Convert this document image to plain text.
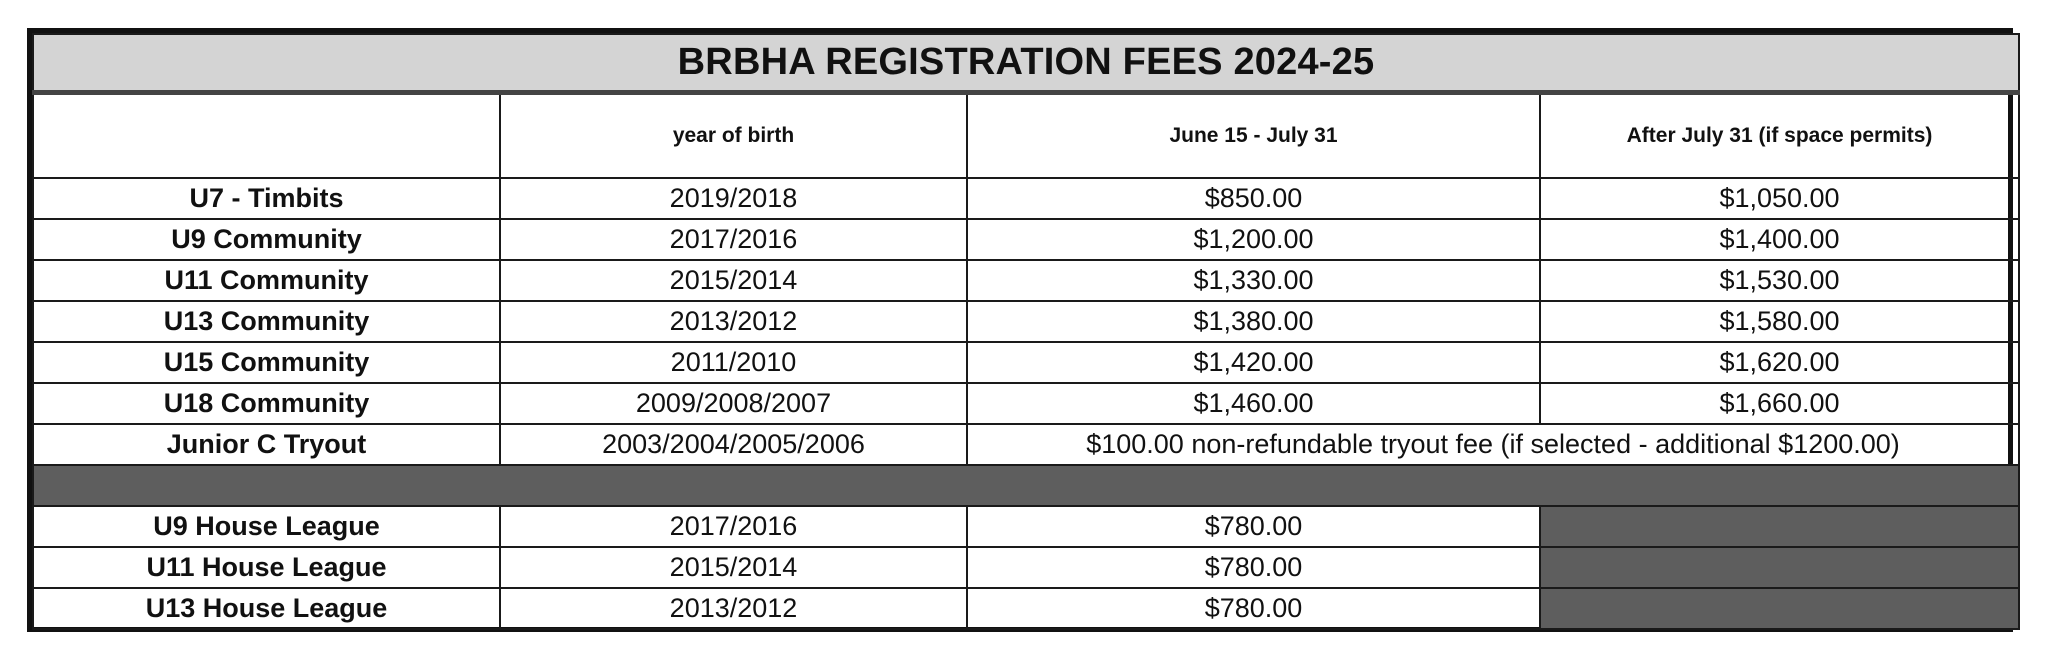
BRBHA REGISTRATION FEES 2024-25			
	year of birth	June 15 - July 31	After July 31 (if space permits)
U7 - Timbits	2019/2018	$850.00	$1,050.00
U9 Community	2017/2016	$1,200.00	$1,400.00
U11 Community	2015/2014	$1,330.00	$1,530.00
U13 Community	2013/2012	$1,380.00	$1,580.00
U15 Community	2011/2010	$1,420.00	$1,620.00
U18 Community	2009/2008/2007	$1,460.00	$1,660.00
Junior C Tryout	2003/2004/2005/2006	$100.00 non-refundable tryout fee (if selected - additional $1200.00)	

U9 House League	2017/2016	$780.00	
U11 House League	2015/2014	$780.00	
U13 House League	2013/2012	$780.00	
